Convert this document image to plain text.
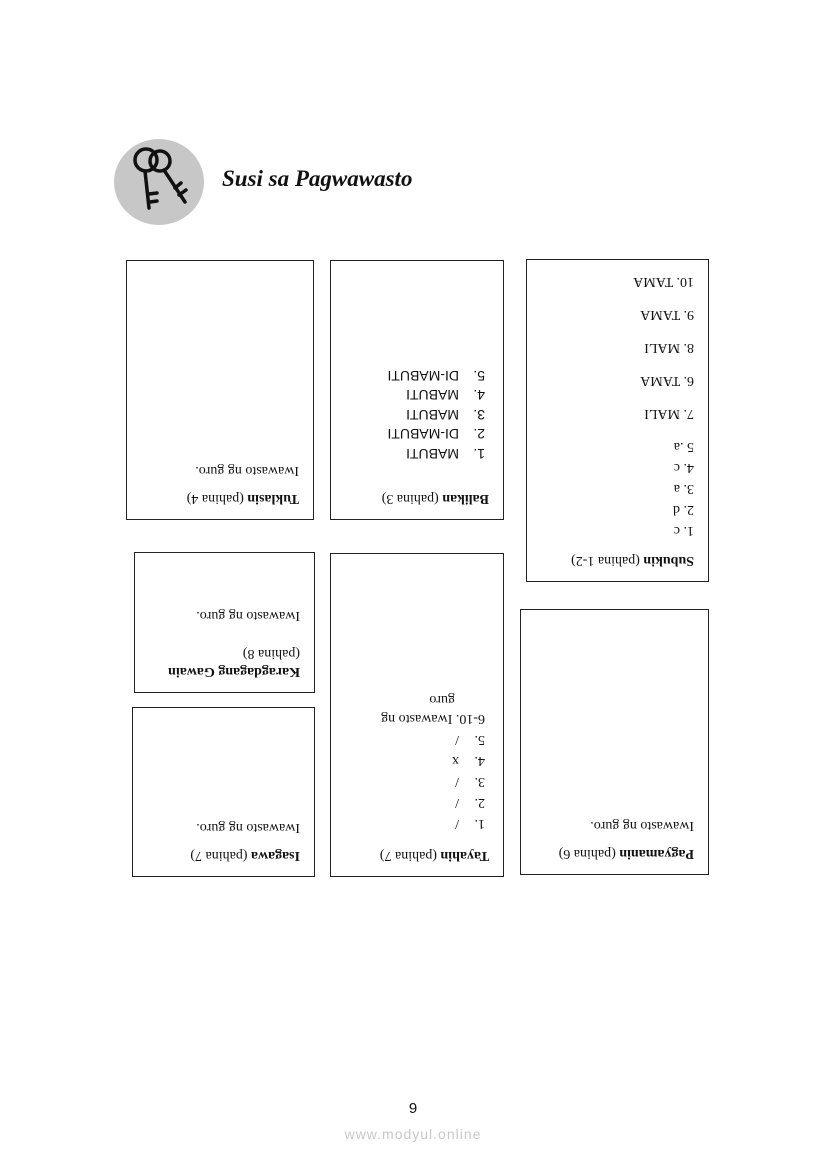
Susi sa Pagwawasto
Subukin (pahina 1-2)
1. c
2. d
3. a
4. c
5 .a
7. MALI
6. TAMA
8. MALI
9. TAMA
10. TAMA
Balikan (pahina 3)
1.MABUTI
2.DI-MABUTI
3.MABUTI
4.MABUTI
5.DI-MABUTI
Tuklasin (pahina 4)
Iwawasto ng guro.
Karagdagang Gawain
(pahina 8)
Iwawasto ng guro.
Isagawa (pahina 7)
Iwawasto ng guro.
Tayahin (pahina 7)
1./
2./
3./
4.x
5./
6-10. Iwawasto ng
guro
Pagyamanin (pahina 6)
Iwawasto ng guro.
9
www.modyul.online
